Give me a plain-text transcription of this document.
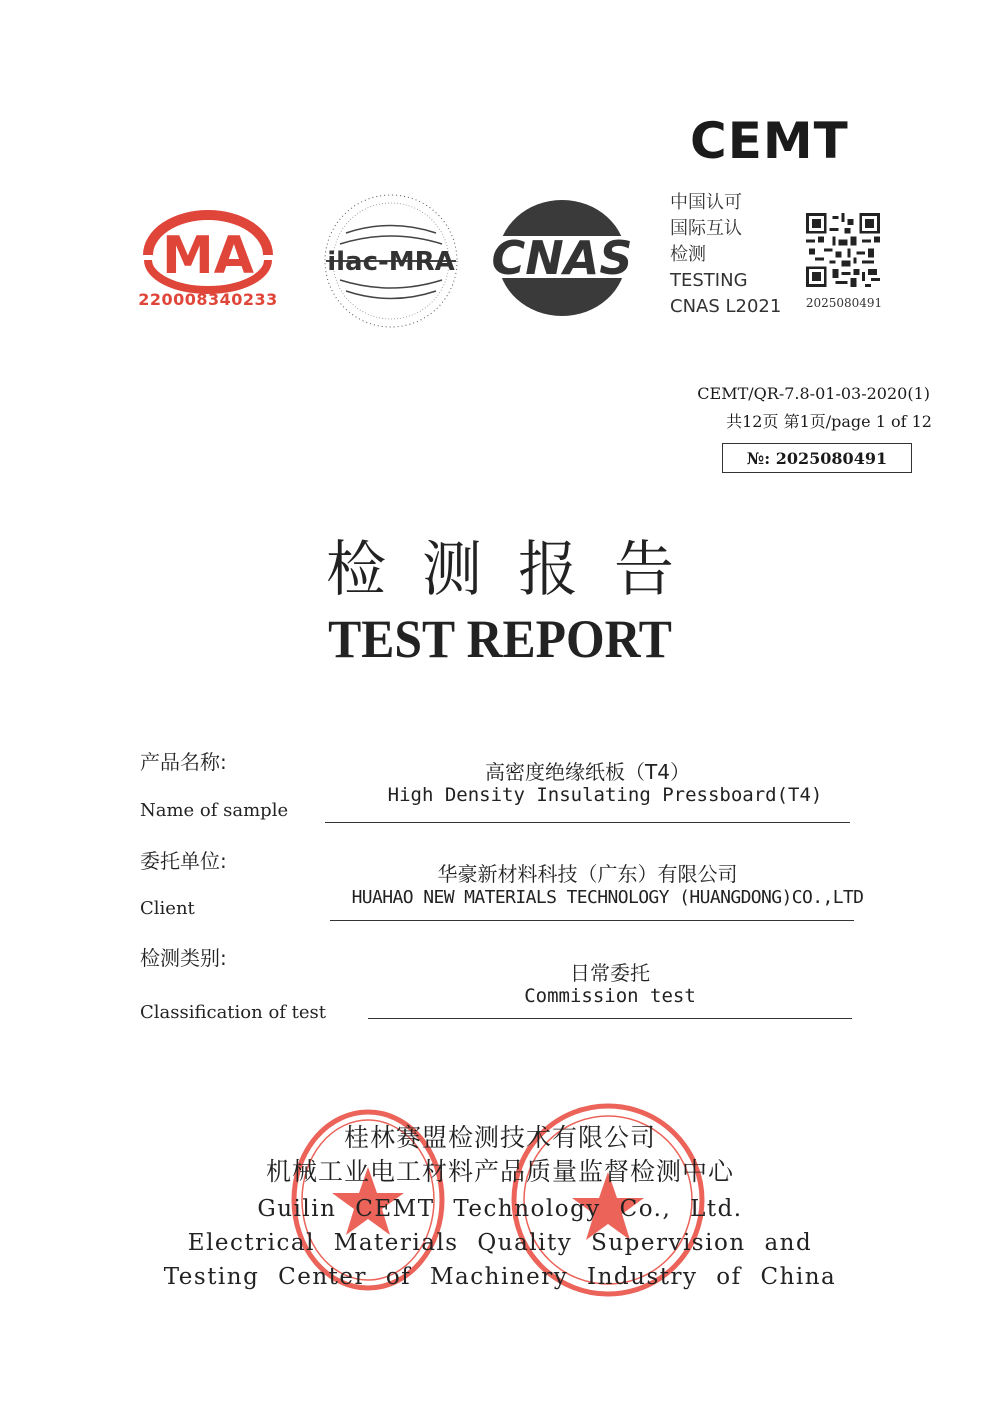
CEMT
MA
220008340233
ilac-MRA CNAS
中国认可
国际互认
检测
TESTING
CNAS L2021	2025080491
CEMT/QR-7.8-01-03-2020(1)
共12页 第1页/page 1 of 12
№: 2025080491
检测报告
TEST REPORT
产品名称:	高密度绝缘纸板（T4）
High Density Insulating Pressboard(T4)
Name of sample
委托单位:
华豪新材料科技（广东）有限公司
HUAHAO NEW MATERIALS TECHNOLOGY (HUANGDONG)CO.,LTD
Client
检测类别:
日常委托
Commission test
Classification of test
桂林赛盟检测技术有限公司
机械工业电工材料产品质量监督检测中心
Guilin CEMT Technology Co., Ltd.
Electrical Materials Quality Supervision and
Testing Center of Machinery Industry of China
